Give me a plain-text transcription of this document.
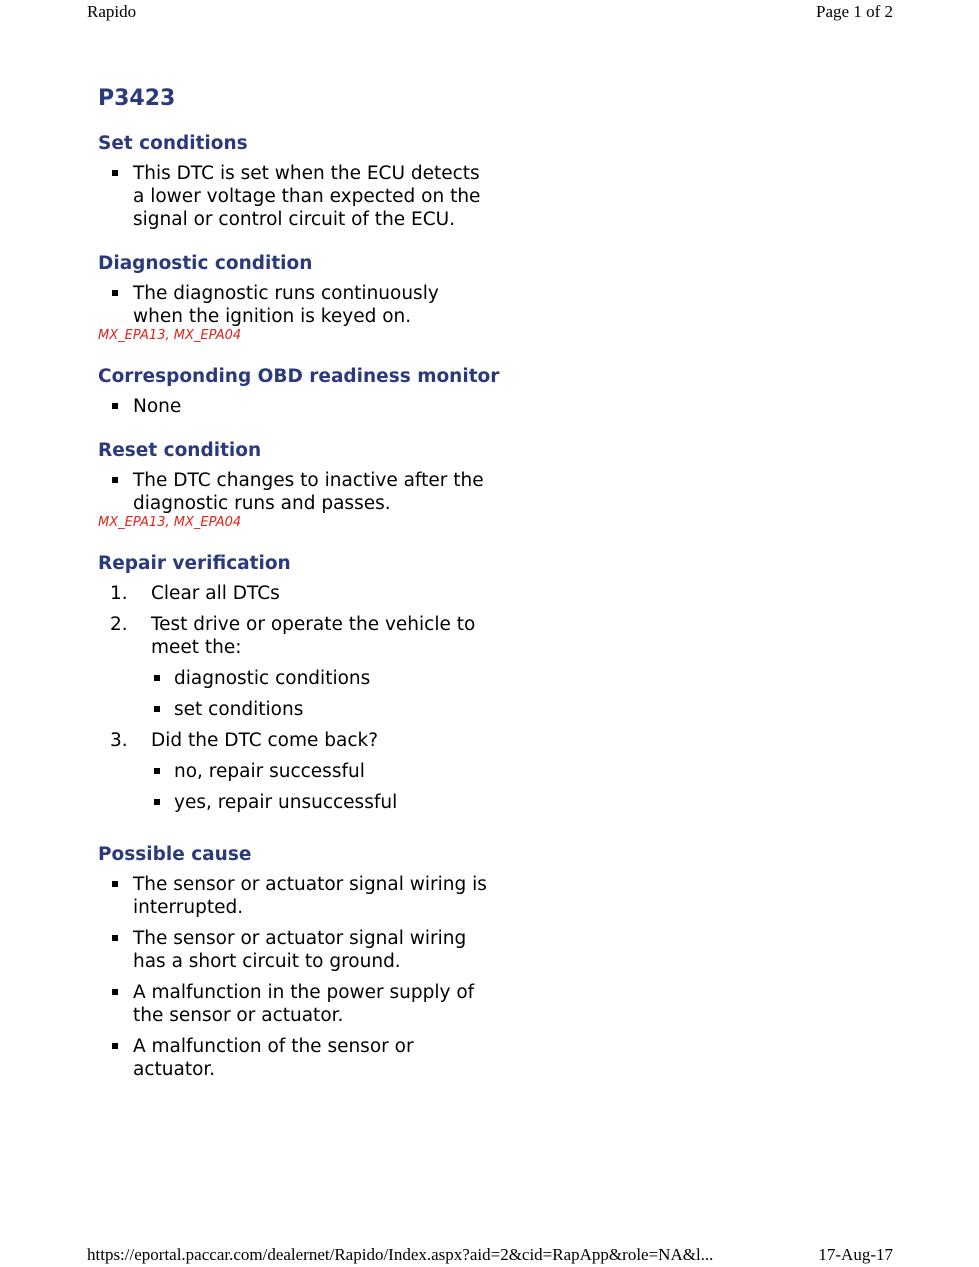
Rapido	Page 1 of 2
P3423
Set conditions
This DTC is set when the ECU detects a lower voltage than expected on the signal or control circuit of the ECU.
Diagnostic condition
The diagnostic runs continuously when the ignition is keyed on.
MX_EPA13, MX_EPA04
Corresponding OBD readiness monitor
None
Reset condition
The DTC changes to inactive after the diagnostic runs and passes.
MX_EPA13, MX_EPA04
Repair verification
1. Clear all DTCs
2. Test drive or operate the vehicle to meet the:
diagnostic conditions
set conditions
3. Did the DTC come back?
no, repair successful
yes, repair unsuccessful
Possible cause
The sensor or actuator signal wiring is interrupted.
The sensor or actuator signal wiring has a short circuit to ground.
A malfunction in the power supply of the sensor or actuator.
A malfunction of the sensor or actuator.
https://eportal.paccar.com/dealernet/Rapido/Index.aspx?aid=2&cid=RapApp&role=NA&l...	17-Aug-17
